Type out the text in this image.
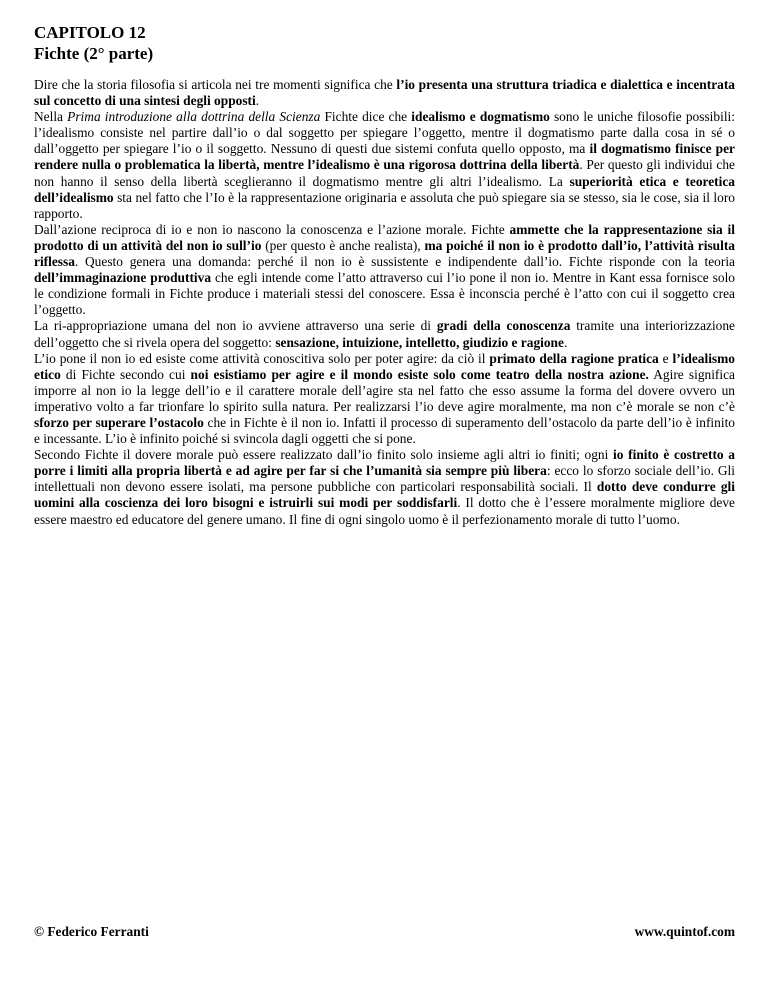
CAPITOLO 12

Fichte (2° parte)

Dire che la storia filosofia si articola nei tre momenti significa che l’io presenta una struttura triadica e dialettica e incentrata sul concetto di una sintesi degli opposti.

Nella Prima introduzione alla dottrina della Scienza Fichte dice che idealismo e dogmatismo sono le uniche filosofie possibili: l’idealismo consiste nel partire dall’io o dal soggetto per spiegare l’oggetto, mentre il dogmatismo parte dalla cosa in sé o dall’oggetto per spiegare l’io o il soggetto. Nessuno di questi due sistemi confuta quello opposto, ma il dogmatismo finisce per rendere nulla o problematica la libertà, mentre l’idealismo è una rigorosa dottrina della libertà. Per questo gli individui che non hanno il senso della libertà sceglieranno il dogmatismo mentre gli altri l’idealismo. La superiorità etica e teoretica dell’idealismo sta nel fatto che l’Io è la rappresentazione originaria e assoluta che può spiegare sia se stesso, sia le cose, sia il loro rapporto.

Dall’azione reciproca di io e non io nascono la conoscenza e l’azione morale. Fichte ammette che la rappresentazione sia il prodotto di un attività del non io sull’io (per questo è anche realista), ma poiché il non io è prodotto dall’io, l’attività risulta riflessa. Questo genera una domanda: perché il non io è sussistente e indipendente dall’io. Fichte risponde con la teoria dell’immaginazione produttiva che egli intende come l’atto attraverso cui l’io pone il non io. Mentre in Kant essa fornisce solo le condizione formali in Fichte produce i materiali stessi del conoscere. Essa è inconscia perché è l’atto con cui il soggetto crea l’oggetto.

La ri-appropriazione umana del non io avviene attraverso una serie di gradi della conoscenza tramite una interiorizzazione dell’oggetto che si rivela opera del soggetto: sensazione, intuizione, intelletto, giudizio e ragione.

L’io pone il non io ed esiste come attività conoscitiva solo per poter agire: da ciò il primato della ragione pratica e l’idealismo etico di Fichte secondo cui noi esistiamo per agire e il mondo esiste solo come teatro della nostra azione. Agire significa imporre al non io la legge dell’io e il carattere morale dell’agire sta nel fatto che esso assume la forma del dovere ovvero un imperativo volto a far trionfare lo spirito sulla natura. Per realizzarsi l’io deve agire moralmente, ma non c’è morale se non c’è sforzo per superare l’ostacolo che in Fichte è il non io. Infatti il processo di superamento dell’ostacolo da parte dell’io è infinito e incessante. L’io è infinito poiché si svincola dagli oggetti che si pone.

Secondo Fichte il dovere morale può essere realizzato dall’io finito solo insieme agli altri io finiti; ogni io finito è costretto a porre i limiti alla propria libertà e ad agire per far si che l’umanità sia sempre più libera: ecco lo sforzo sociale dell’io. Gli intellettuali non devono essere isolati, ma persone pubbliche con particolari responsabilità sociali. Il dotto deve condurre gli uomini alla coscienza dei loro bisogni e istruirli sui modi per soddisfarli. Il dotto che è l’essere moralmente migliore deve essere maestro ed educatore del genere umano. Il fine di ogni singolo uomo è il perfezionamento morale di tutto l’uomo.

© Federico Ferranti	www.quintof.com
